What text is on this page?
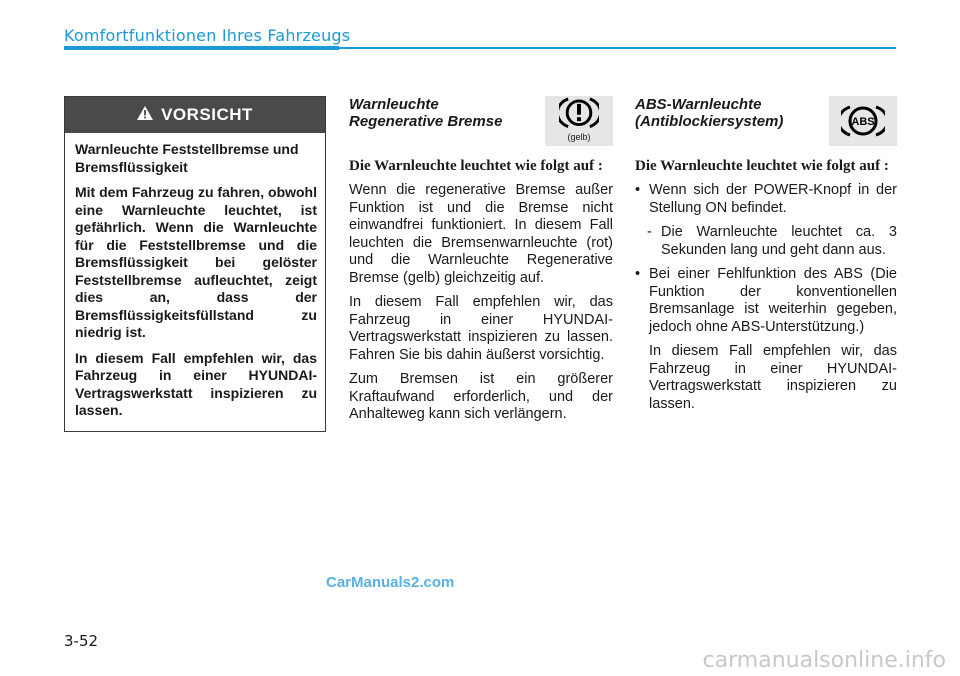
Komfortfunktionen Ihres Fahrzeugs
VORSICHT

Warnleuchte Feststellbremse und Bremsflüssigkeit

Mit dem Fahrzeug zu fahren, obwohl eine Warnleuchte leuchtet, ist gefährlich. Wenn die Warnleuchte für die Feststellbremse und die Bremsflüssigkeit bei gelöster Feststellbremse aufleuchtet, zeigt dies an, dass der Bremsflüssigkeitsfüllstand zu niedrig ist.

In diesem Fall empfehlen wir, das Fahrzeug in einer HYUNDAI-Vertragswerkstatt inspizieren zu lassen.

Warnleuchte
Regenerative Bremse
(gelb)

Die Warnleuchte leuchtet wie folgt auf :

Wenn die regenerative Bremse außer Funktion ist und die Bremse nicht einwandfrei funktioniert. In diesem Fall leuchten die Bremsenwarnleuchte (rot) und die Warnleuchte Regenerative Bremse (gelb) gleichzeitig auf.

In diesem Fall empfehlen wir, das Fahrzeug in einer HYUNDAI-Vertragswerkstatt inspizieren zu lassen. Fahren Sie bis dahin äußerst vorsichtig.

Zum Bremsen ist ein größerer Kraftaufwand erforderlich, und der Anhalteweg kann sich verlängern.

ABS-Warnleuchte
(Antiblockiersystem)	ABS

Die Warnleuchte leuchtet wie folgt auf :

• Wenn sich der POWER-Knopf in der Stellung ON befindet.
- Die Warnleuchte leuchtet ca. 3 Sekunden lang und geht dann aus.
• Bei einer Fehlfunktion des ABS (Die Funktion der konventionellen Bremsanlage ist weiterhin gegeben, jedoch ohne ABS-Unterstützung.)
In diesem Fall empfehlen wir, das Fahrzeug in einer HYUNDAI-Vertragswerkstatt inspizieren zu lassen.
CarManuals2.com
3-52
carmanualsonline.info
